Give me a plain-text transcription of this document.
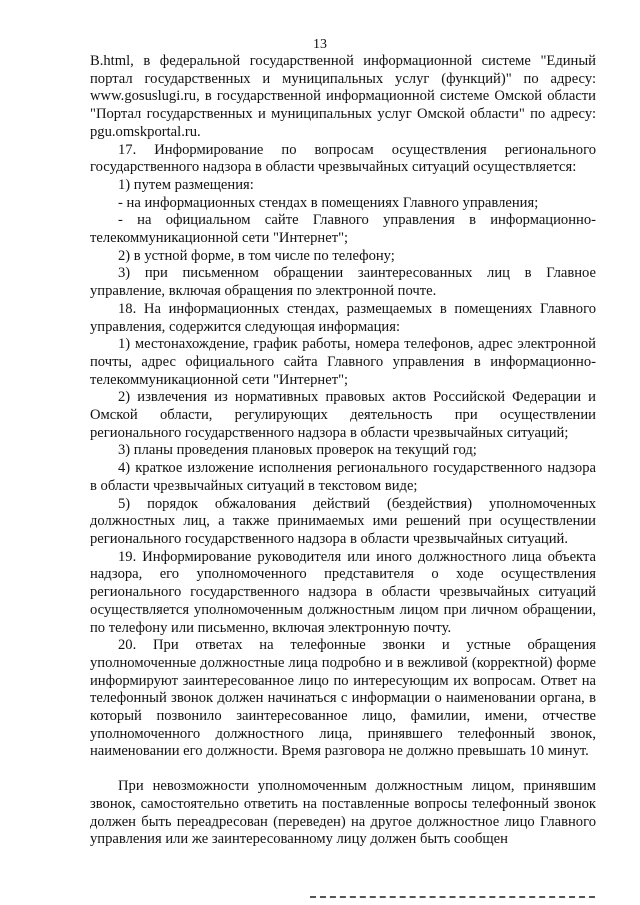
13

B.html, в федеральной государственной информационной системе "Единый портал государственных и муниципальных услуг (функций)" по адресу: www.gosuslugi.ru, в государственной информационной системе Омской области "Портал государственных и муниципальных услуг Омской области" по адресу: pgu.omskportal.ru.

17. Информирование по вопросам осуществления регионального государственного надзора в области чрезвычайных ситуаций осуществляется:

1) путем размещения:

- на информационных стендах в помещениях Главного управления;

- на официальном сайте Главного управления в информационно-телекоммуникационной сети "Интернет";

2) в устной форме, в том числе по телефону;

3) при письменном обращении заинтересованных лиц в Главное управление, включая обращения по электронной почте.

18. На информационных стендах, размещаемых в помещениях Главного управления, содержится следующая информация:

1) местонахождение, график работы, номера телефонов, адрес электронной почты, адрес официального сайта Главного управления в информационно-телекоммуникационной сети "Интернет";

2) извлечения из нормативных правовых актов Российской Федерации и Омской области, регулирующих деятельность при осуществлении регионального государственного надзора в области чрезвычайных ситуаций;

3) планы проведения плановых проверок на текущий год;

4) краткое изложение исполнения регионального государственного надзора в области чрезвычайных ситуаций в текстовом виде;

5) порядок обжалования действий (бездействия) уполномоченных должностных лиц, а также принимаемых ими решений при осуществлении регионального государственного надзора в области чрезвычайных ситуаций.

19. Информирование руководителя или иного должностного лица объекта надзора, его уполномоченного представителя о ходе осуществления регионального государственного надзора в области чрезвычайных ситуаций осуществляется уполномоченным должностным лицом при личном обращении, по телефону или письменно, включая электронную почту.

20. При ответах на телефонные звонки и устные обращения уполномоченные должностные лица подробно и в вежливой (корректной) форме информируют заинтересованное лицо по интересующим их вопросам. Ответ на телефонный звонок должен начинаться с информации о наименовании органа, в который позвонило заинтересованное лицо, фамилии, имени, отчестве уполномоченного должностного лица, принявшего телефонный звонок, наименовании его должности. Время разговора не должно превышать 10 минут.

При невозможности уполномоченным должностным лицом, принявшим звонок, самостоятельно ответить на поставленные вопросы телефонный звонок должен быть переадресован (переведен) на другое должностное лицо Главного управления или же заинтересованному лицу должен быть сообщен
